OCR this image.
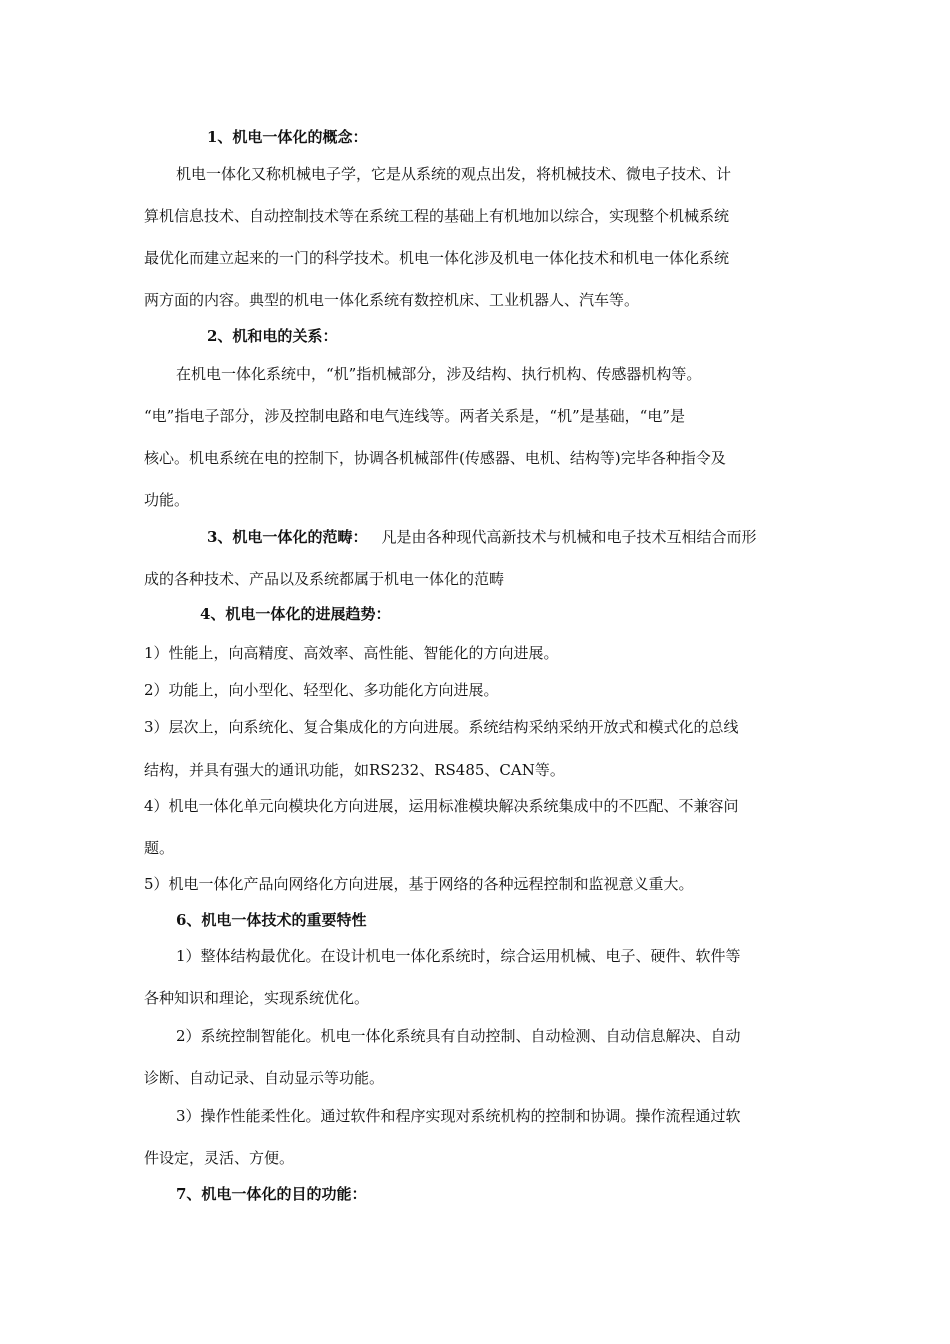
1、机电一体化的概念：
机电一体化又称机械电子学，它是从系统的观点出发，将机械技术、微电子技术、计
算机信息技术、自动控制技术等在系统工程的基础上有机地加以综合，实现整个机械系统
最优化而建立起来的一门的科学技术。机电一体化涉及机电一体化技术和机电一体化系统
两方面的内容。典型的机电一体化系统有数控机床、工业机器人、汽车等。
2、机和电的关系：
在机电一体化系统中，“机”指机械部分，涉及结构、执行机构、传感器机构等。
“电”指电子部分，涉及控制电路和电气连线等。两者关系是，“机”是基础，“电”是
核心。机电系统在电的控制下，协调各机械部件(传感器、电机、结构等)完毕各种指令及
功能。
3、机电一体化的范畴： 凡是由各种现代高新技术与机械和电子技术互相结合而形
成的各种技术、产品以及系统都属于机电一体化的范畴
4、机电一体化的进展趋势：
1）性能上，向高精度、高效率、高性能、智能化的方向进展。
2）功能上，向小型化、轻型化、多功能化方向进展。
3）层次上，向系统化、复合集成化的方向进展。系统结构采纳采纳开放式和模式化的总线
结构，并具有强大的通讯功能，如RS232、RS485、CAN等。
4）机电一体化单元向模块化方向进展，运用标准模块解决系统集成中的不匹配、不兼容问
题。
5）机电一体化产品向网络化方向进展，基于网络的各种远程控制和监视意义重大。
6、机电一体技术的重要特性
1）整体结构最优化。在设计机电一体化系统时，综合运用机械、电子、硬件、软件等
各种知识和理论，实现系统优化。
2）系统控制智能化。机电一体化系统具有自动控制、自动检测、自动信息解决、自动
诊断、自动记录、自动显示等功能。
3）操作性能柔性化。通过软件和程序实现对系统机构的控制和协调。操作流程通过软
件设定，灵活、方便。
7、机电一体化的目的功能：
